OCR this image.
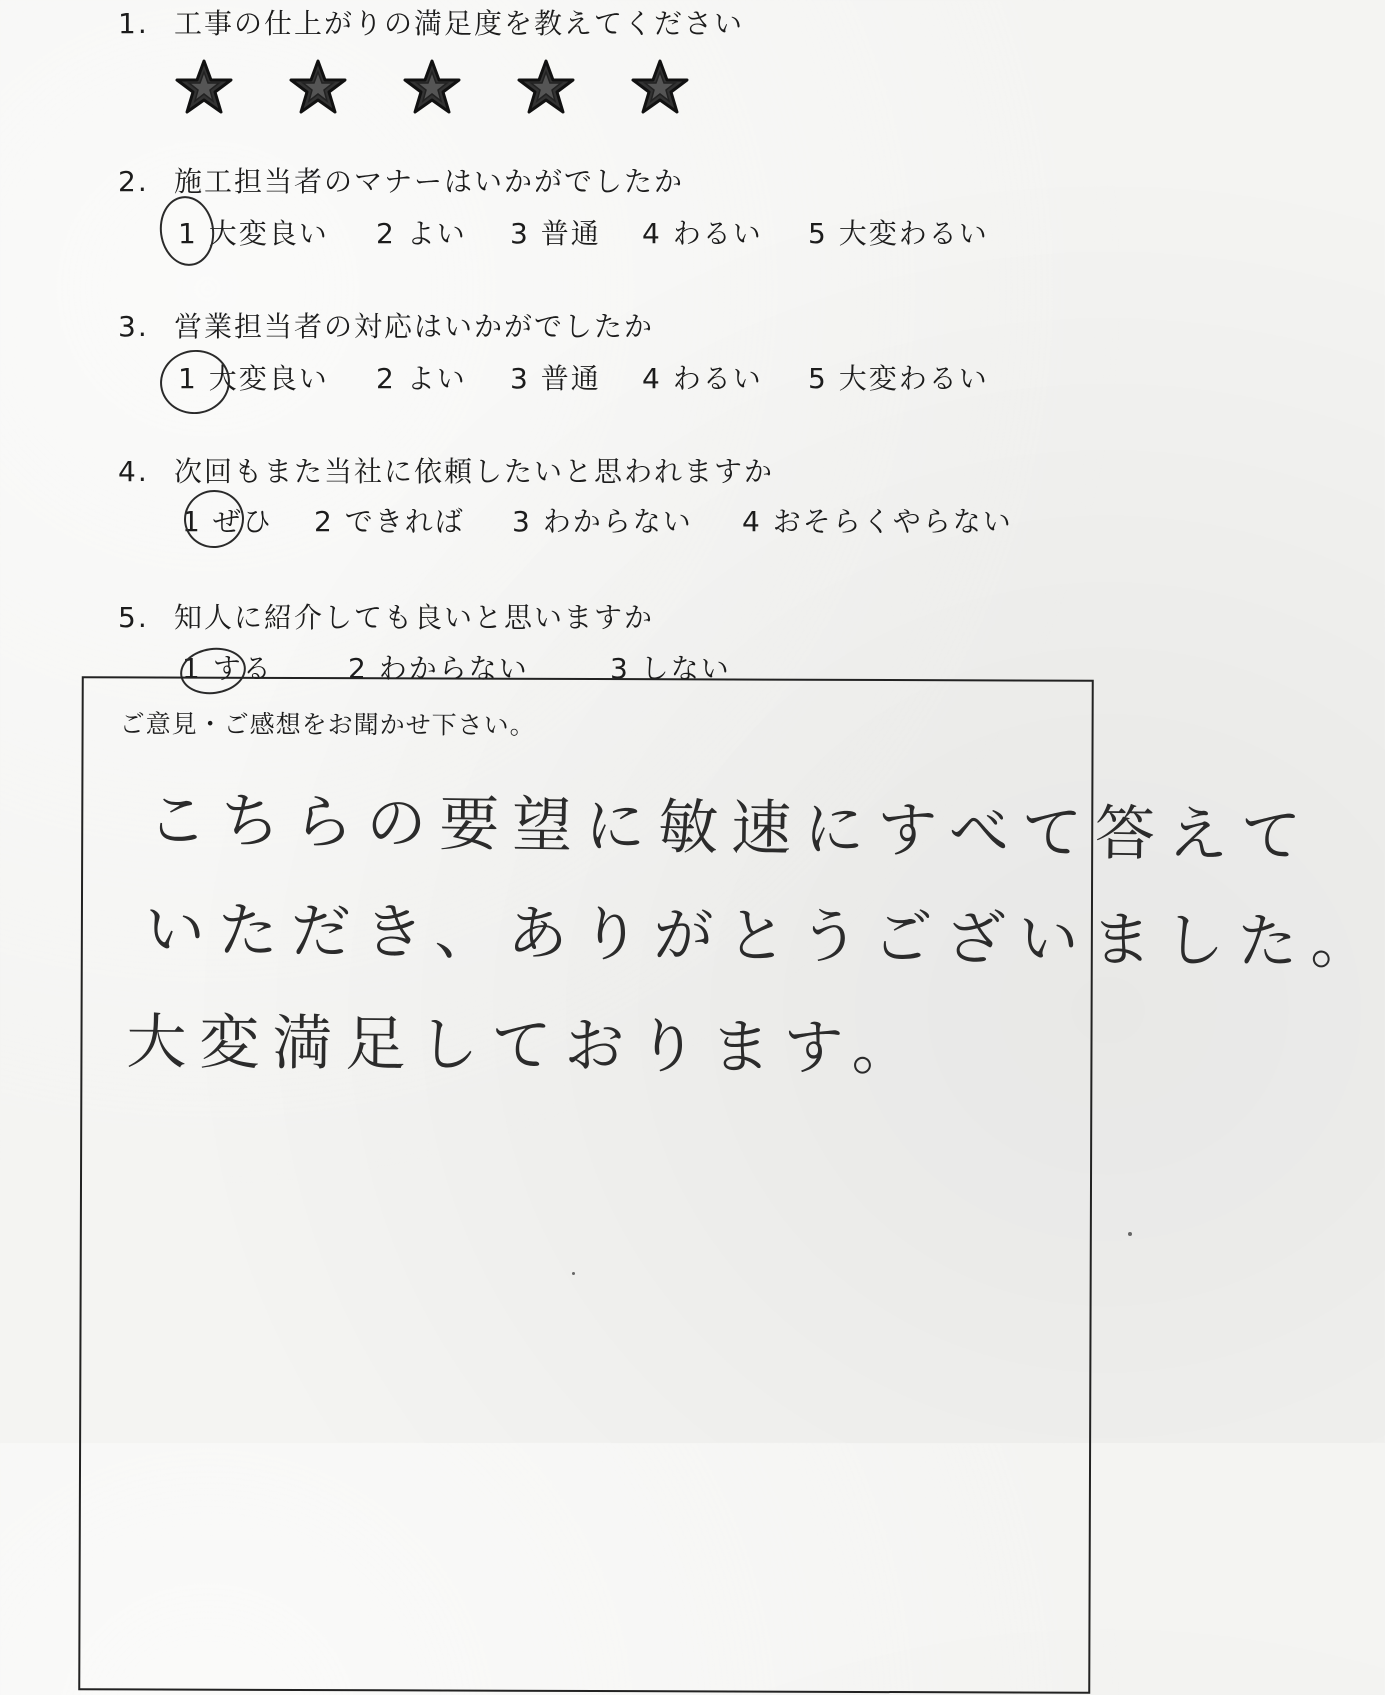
1. 工事の仕上がりの満足度を教えてください
2. 施工担当者のマナーはいかがでしたか
1 大変良い 2 よい 3 普通 4 わるい 5 大変わるい
3. 営業担当者の対応はいかがでしたか
1 大変良い 2 よい 3 普通 4 わるい 5 大変わるい
4. 次回もまた当社に依頼したいと思われますか
1 ぜひ 2 できれば 3 わからない 4 おそらくやらない
5. 知人に紹介しても良いと思いますか
1 する	2 わからない	3 しない
ご意見・ご感想をお聞かせ下さい。
こちらの要望に敏速にすべて答えて
いただき、ありがとうございました。
大変満足しております。
